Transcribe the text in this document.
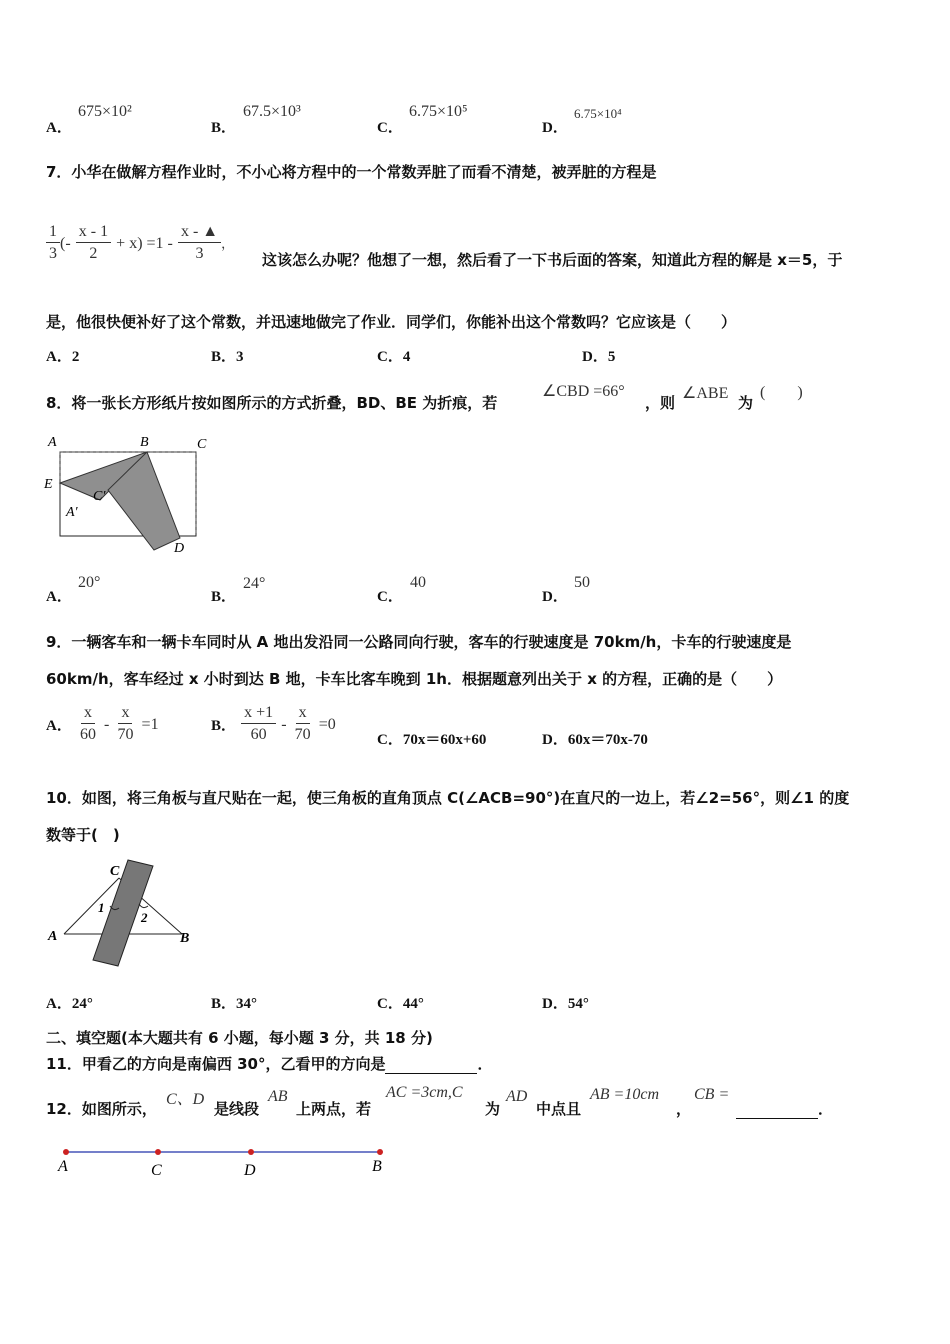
A．
675×10²
B．
67.5×10³
C．
6.75×10⁵
D．
6.75×10⁴
7．小华在做解方程作业时，不小心将方程中的一个常数弄脏了而看不清楚，被弄脏的方程是
$\frac{1}{3}$ (- $\frac{x - 1}{2} + x) =1 - \frac{x - ▲}{3}$ ，
这该怎么办呢？他想了一想，然后看了一下书后面的答案，知道此方程的解是 x＝5，于
是，他很快便补好了这个常数，并迅速地做完了作业．同学们，你能补出这个常数吗？它应该是（　　）
A．2	B．3	C．4	D．5
8．将一张长方形纸片按如图所示的方式折叠，BD、BE 为折痕，若
∠CBD =66°
，则
∠ABE
为
(　　)
A	B	C
E
C′
A′
D
A．
20°
B．
24°
C．
40
D．
50
9．一辆客车和一辆卡车同时从 A 地出发沿同一公路同向行驶，客车的行驶速度是 70km/h，卡车的行驶速度是
60km/h，客车经过 x 小时到达 B 地，卡车比客车晚到 1h．根据题意列出关于 x 的方程，正确的是（　　）
A． $\frac{x}{60} - \frac{x}{70} =1$	B． $\frac{x +1}{60} - \frac{x}{70} =0$
C．70x＝60x+60	D．60x＝70x-70
10．如图，将三角板与直尺贴在一起，使三角板的直角顶点 C(∠ACB=90°)在直尺的一边上，若∠2=56°，则∠1 的度
数等于(　)
C
A	B
1
2
A．24°	B．34°	C．44°	D．54°
二、填空题(本大题共有 6 小题，每小题 3 分，共 18 分)
11．甲看乙的方向是南偏西 30°，乙看甲的方向是	．
12．如图所示，
C、D
是线段
AB
上两点，若
AC =3cm,C
为
AD
中点且
AB =10cm
，
CB =
．
A	C	D	B
